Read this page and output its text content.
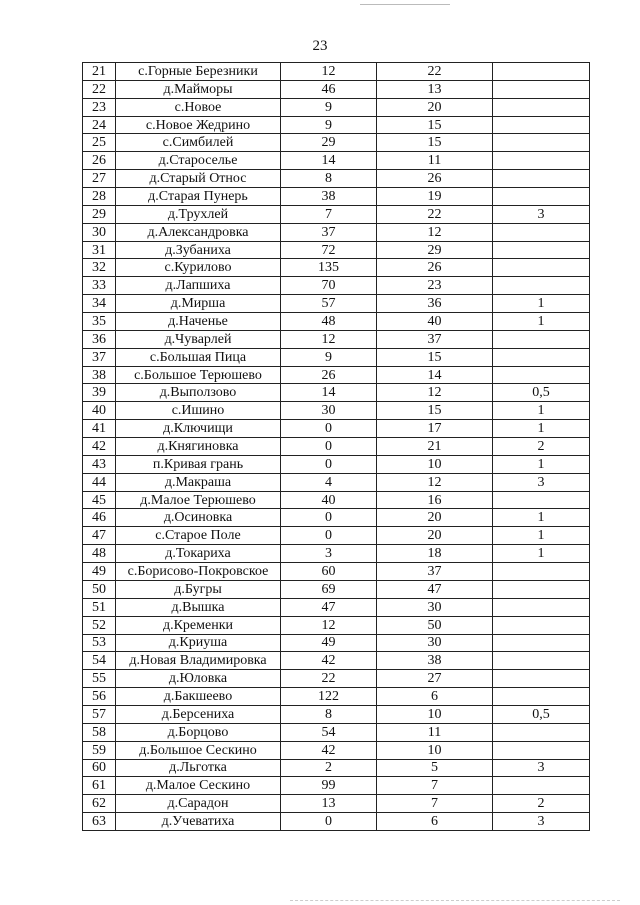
23
21	с.Горные Березники	12	22	
22	д.Майморы	46	13	
23	с.Новое	9	20	
24	с.Новое Жедрино	9	15	
25	с.Симбилей	29	15	
26	д.Староселье	14	11	
27	д.Старый Относ	8	26	
28	д.Старая Пунерь	38	19	
29	д.Трухлей	7	22	3
30	д.Александровка	37	12	
31	д.Зубаниха	72	29	
32	с.Курилово	135	26	
33	д.Лапшиха	70	23	
34	д.Мирша	57	36	1
35	д.Наченье	48	40	1
36	д.Чуварлей	12	37	
37	с.Большая Пица	9	15	
38	с.Большое Терюшево	26	14	
39	д.Выползово	14	12	0,5
40	с.Ишино	30	15	1
41	д.Ключищи	0	17	1
42	д.Княгиновка	0	21	2
43	п.Кривая грань	0	10	1
44	д.Макраша	4	12	3
45	д.Малое Терюшево	40	16	
46	д.Осиновка	0	20	1
47	с.Старое Поле	0	20	1
48	д.Токариха	3	18	1
49	с.Борисово-Покровское	60	37	
50	д.Бугры	69	47	
51	д.Вышка	47	30	
52	д.Кременки	12	50	
53	д.Криуша	49	30	
54	д.Новая Владимировка	42	38	
55	д.Юловка	22	27	
56	д.Бакшеево	122	6	
57	д.Берсениха	8	10	0,5
58	д.Борцово	54	11	
59	д.Большое Сескино	42	10	
60	д.Льготка	2	5	3
61	д.Малое Сескино	99	7	
62	д.Сарадон	13	7	2
63	д.Учеватиха	0	6	3
